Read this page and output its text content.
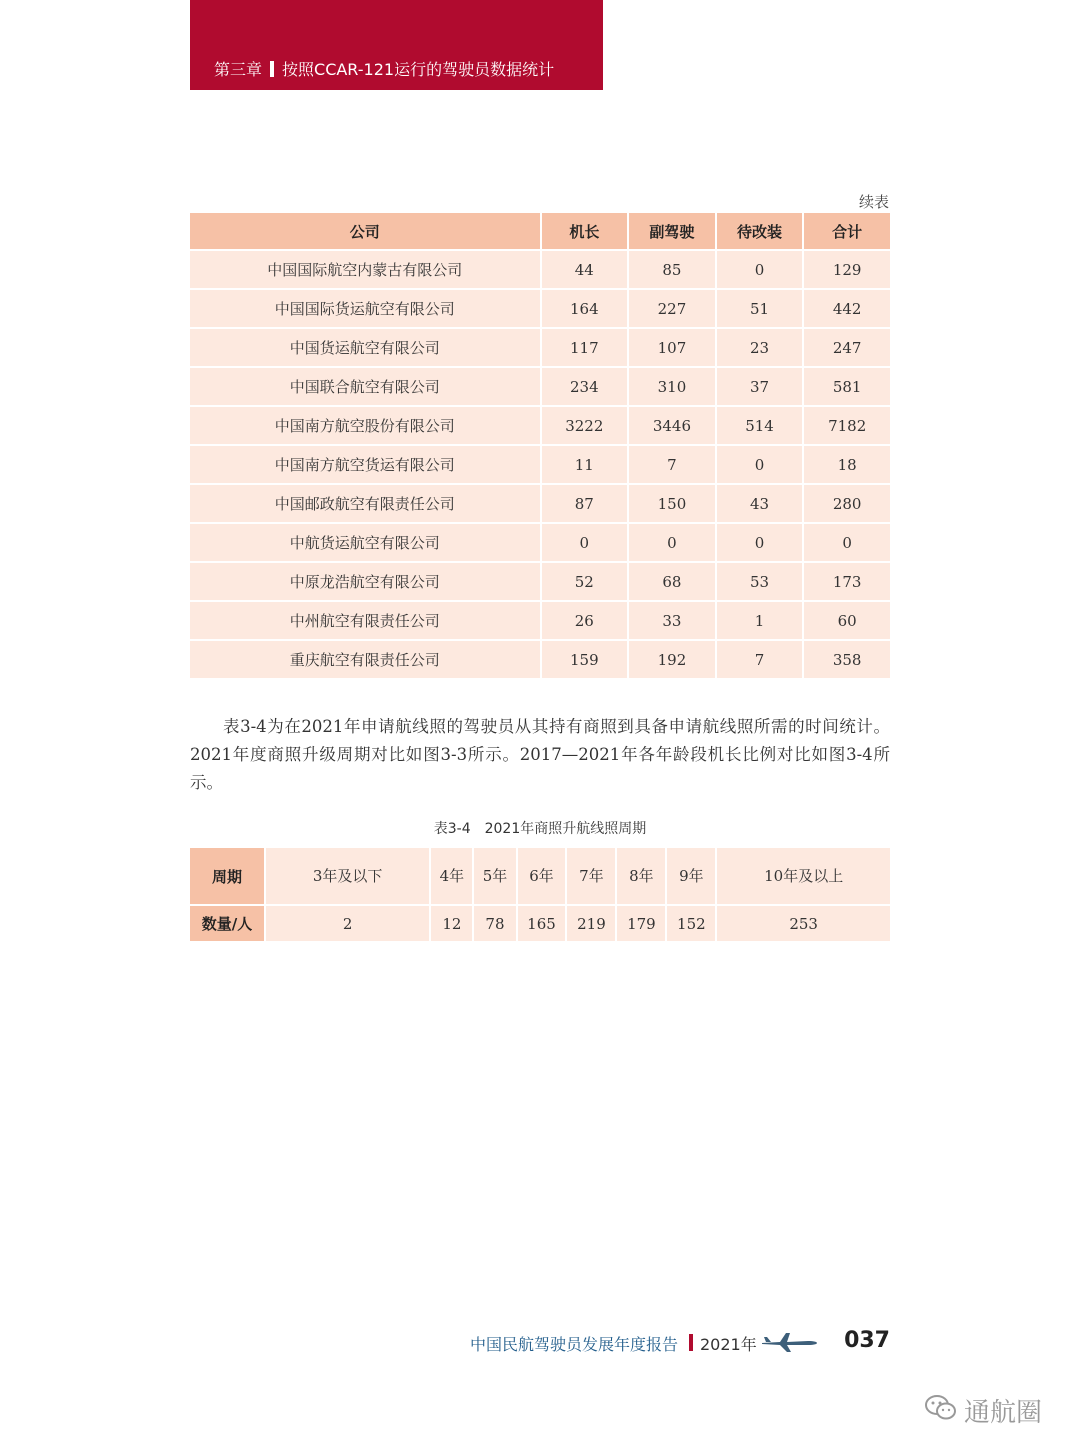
第三章 按照CCAR-121运行的驾驶员数据统计
续表
公司	机长	副驾驶	待改装	合计
中国国际航空内蒙古有限公司	44	85	0	129
中国国际货运航空有限公司	164	227	51	442
中国货运航空有限公司	117	107	23	247
中国联合航空有限公司	234	310	37	581
中国南方航空股份有限公司	3222	3446	514	7182
中国南方航空货运有限公司	11	7	0	18
中国邮政航空有限责任公司	87	150	43	280
中航货运航空有限公司	0	0	0	0
中原龙浩航空有限公司	52	68	53	173
中州航空有限责任公司	26	33	1	60
重庆航空有限责任公司	159	192	7	358
表3-4为在2021年申请航线照的驾驶员从其持有商照到具备申请航线照所需的时间统计。2021年度商照升级周期对比如图3-3所示。2017—2021年各年龄段机长比例对比如图3-4所示。
表3-4　2021年商照升航线照周期
周期	3年及以下	4年	5年	6年	7年	8年	9年	10年及以上
数量/人	2	12	78	165	219	179	152	253
中国民航驾驶员发展年度报告 2021年	037
通航圈
